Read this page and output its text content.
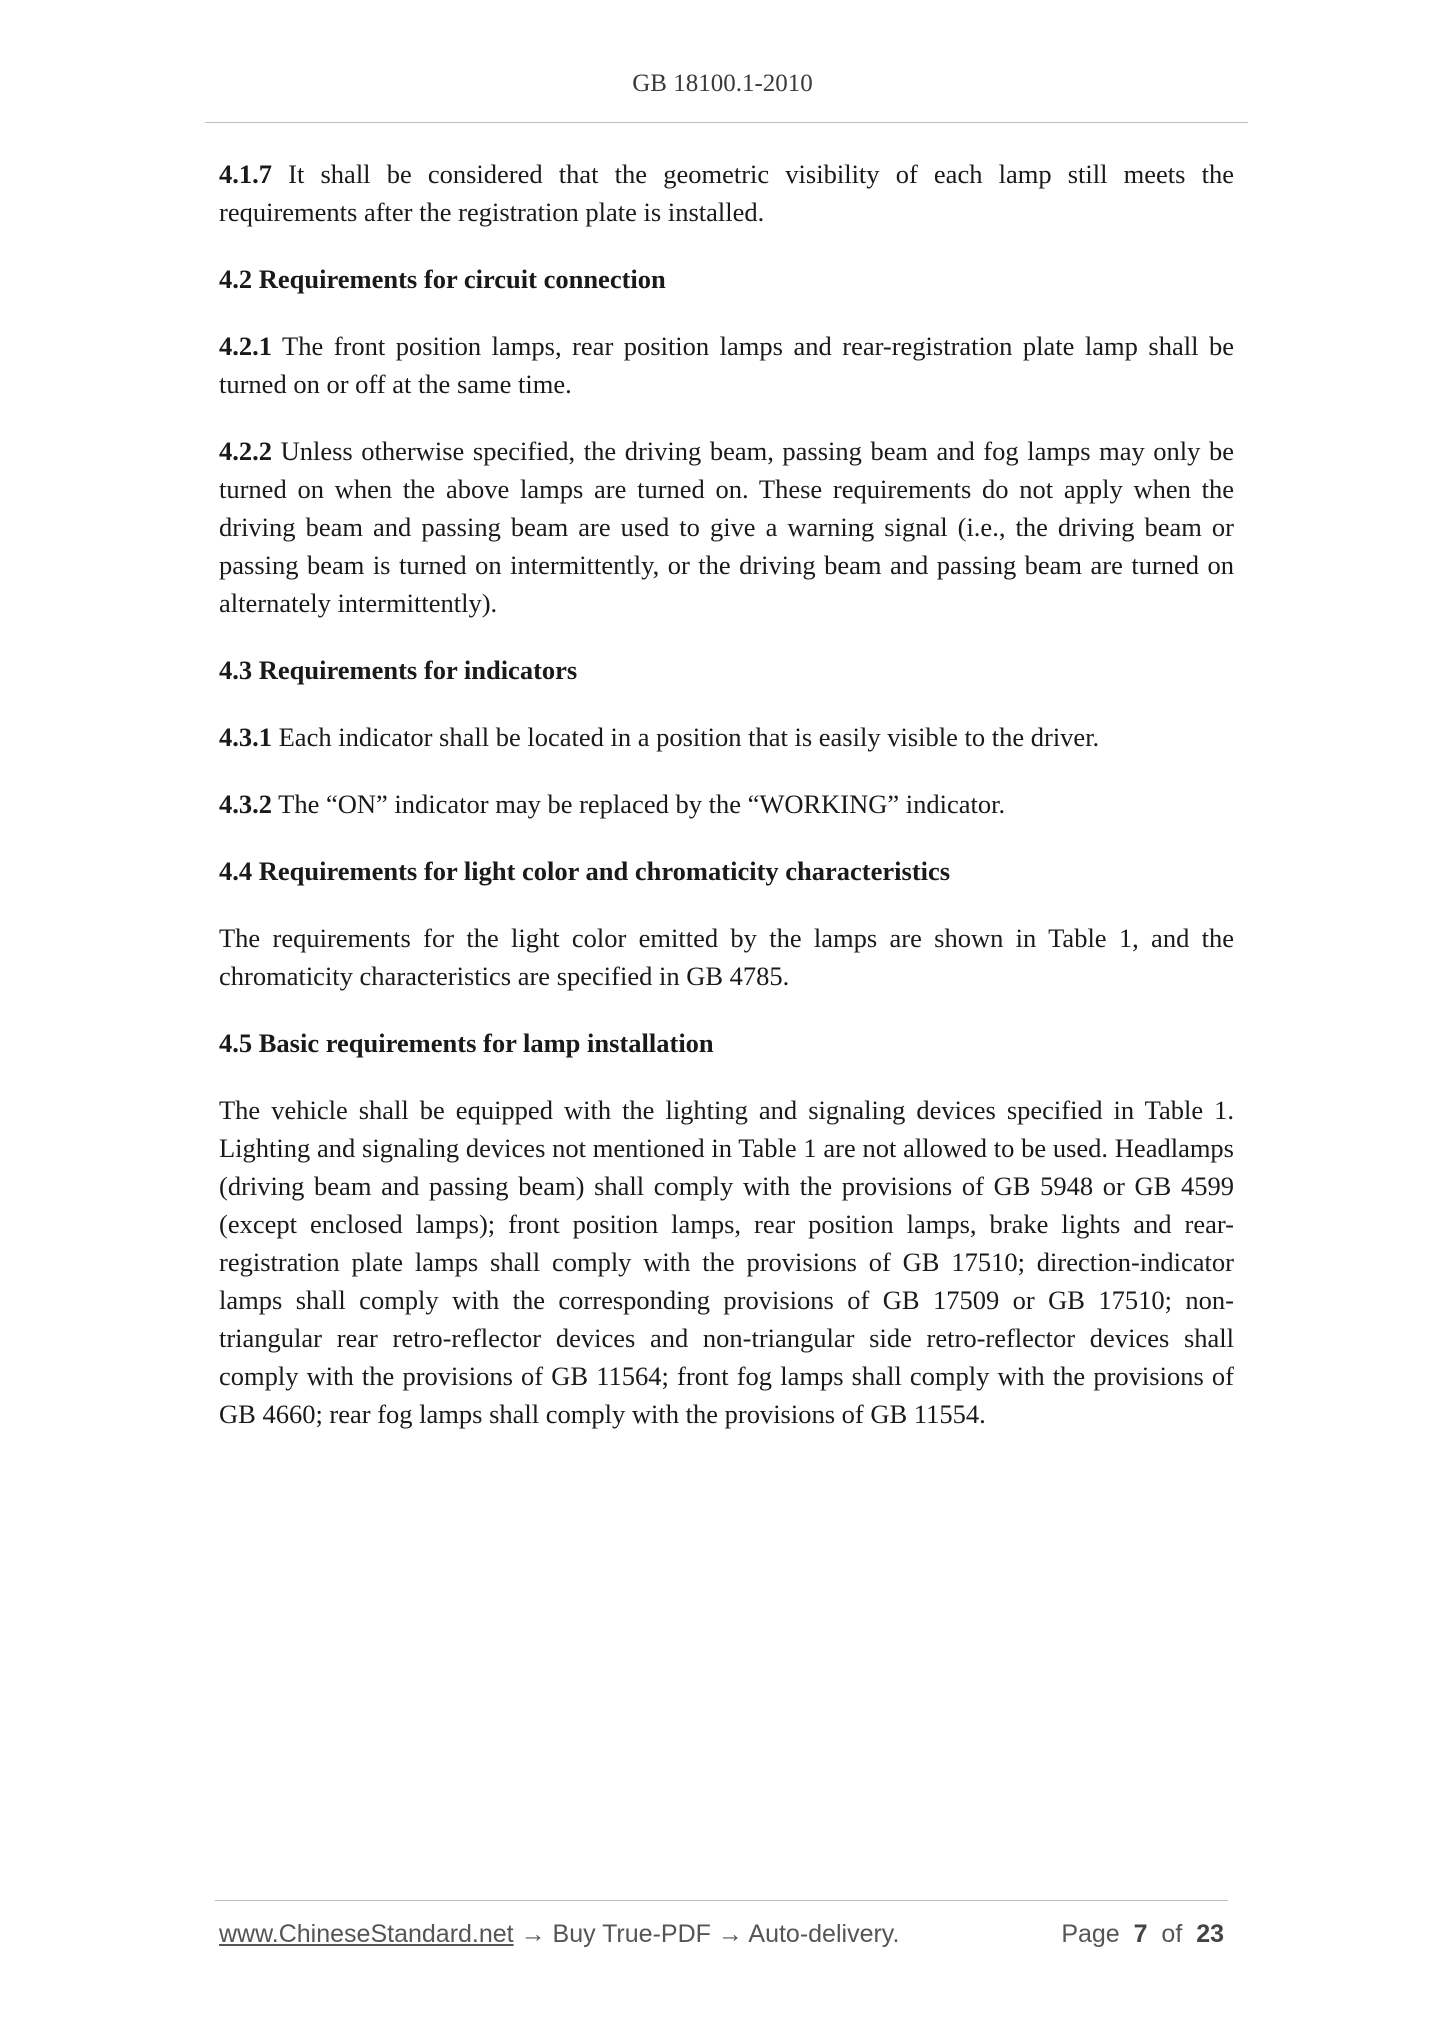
GB 18100.1-2010

4.1.7 It shall be considered that the geometric visibility of each lamp still meets the requirements after the registration plate is installed.

4.2 Requirements for circuit connection

4.2.1 The front position lamps, rear position lamps and rear-registration plate lamp shall be turned on or off at the same time.

4.2.2 Unless otherwise specified, the driving beam, passing beam and fog lamps may only be turned on when the above lamps are turned on. These requirements do not apply when the driving beam and passing beam are used to give a warning signal (i.e., the driving beam or passing beam is turned on intermittently, or the driving beam and passing beam are turned on alternately intermittently).

4.3 Requirements for indicators

4.3.1 Each indicator shall be located in a position that is easily visible to the driver.

4.3.2 The “ON” indicator may be replaced by the “WORKING” indicator.

4.4 Requirements for light color and chromaticity characteristics

The requirements for the light color emitted by the lamps are shown in Table 1, and the chromaticity characteristics are specified in GB 4785.

4.5 Basic requirements for lamp installation

The vehicle shall be equipped with the lighting and signaling devices specified in Table 1. Lighting and signaling devices not mentioned in Table 1 are not allowed to be used. Headlamps (driving beam and passing beam) shall comply with the provisions of GB 5948 or GB 4599 (except enclosed lamps); front position lamps, rear position lamps, brake lights and rear-registration plate lamps shall comply with the provisions of GB 17510; direction-indicator lamps shall comply with the corresponding provisions of GB 17509 or GB 17510; non-triangular rear retro-reflector devices and non-triangular side retro-reflector devices shall comply with the provisions of GB 11564; front fog lamps shall comply with the provisions of GB 4660; rear fog lamps shall comply with the provisions of GB 11554.

www.ChineseStandard.net → Buy True-PDF → Auto-delivery.	Page 7 of 23
